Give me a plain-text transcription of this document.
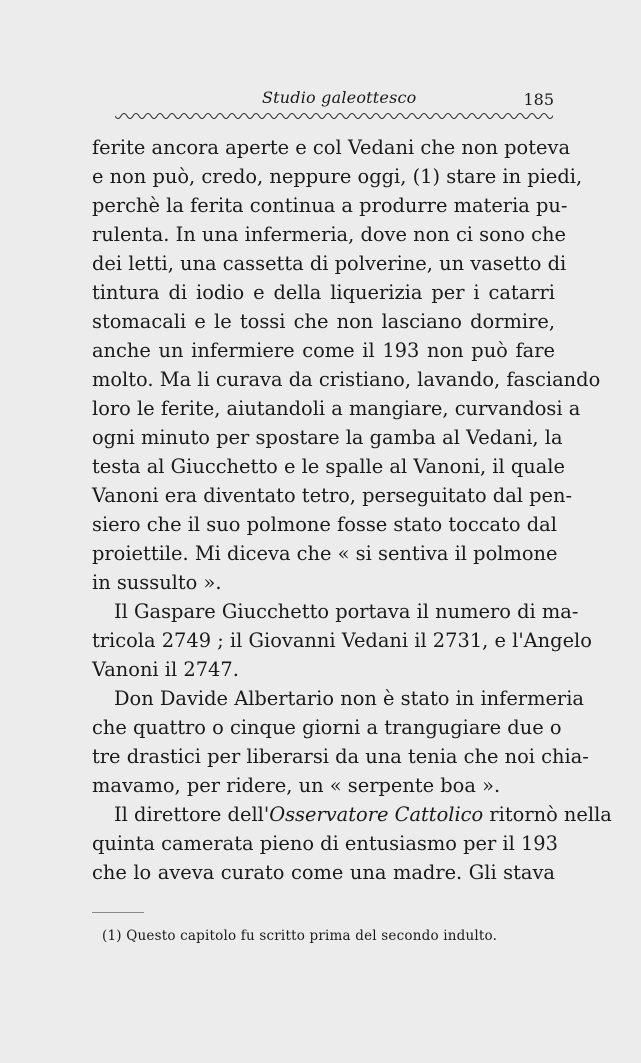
Studio galeottesco	185
ferite ancora aperte e col Vedani che non poteva
e non può, credo, neppure oggi, (1) stare in piedi,
perchè la ferita continua a produrre materia pu-
rulenta. In una infermeria, dove non ci sono che
dei letti, una cassetta di polverine, un vasetto di
tintura di iodio e della liquerizia per i catarri
stomacali e le tossi che non lasciano dormire,
anche un infermiere come il 193 non può fare
molto. Ma li curava da cristiano, lavando, fasciando
loro le ferite, aiutandoli a mangiare, curvandosi a
ogni minuto per spostare la gamba al Vedani, la
testa al Giucchetto e le spalle al Vanoni, il quale
Vanoni era diventato tetro, perseguitato dal pen-
siero che il suo polmone fosse stato toccato dal
proiettile. Mi diceva che « si sentiva il polmone
in sussulto ».
Il Gaspare Giucchetto portava il numero di ma-
tricola 2749 ; il Giovanni Vedani il 2731, e l'Angelo
Vanoni il 2747.
Don Davide Albertario non è stato in infermeria
che quattro o cinque giorni a trangugiare due o
tre drastici per liberarsi da una tenia che noi chia-
mavamo, per ridere, un « serpente boa ».
Il direttore dell'Osservatore Cattolico ritornò nella
quinta camerata pieno di entusiasmo per il 193
che lo aveva curato come una madre. Gli stava
(1) Questo capitolo fu scritto prima del secondo indulto.
